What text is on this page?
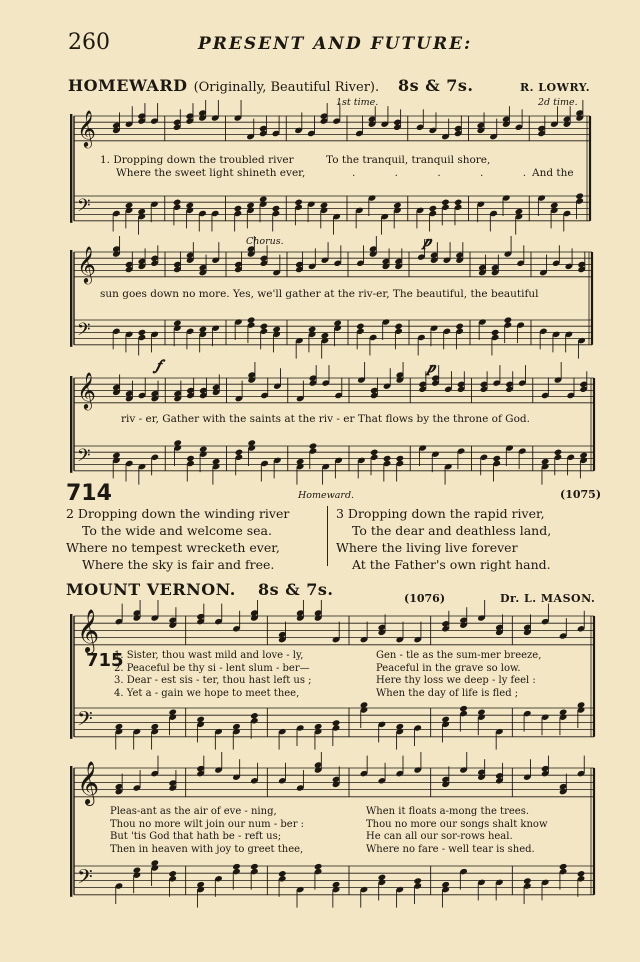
260	PRESENT AND FUTURE:
HOMEWARD (Originally, Beautiful River). 8s & 7s.	R. LOWRY.
1st time.	2d time.
𝄞
𝄢
𝄞
𝄢
𝄞
𝄢
𝄞
𝄢
𝄞
𝄢
1. Dropping down the troubled river	To the tranquil, tranquil shore,
Where the sweet light shineth ever,	. . . . .
And the
Chorus.
sun goes down no more. Yes, we'll gather at the riv-er, The beautiful, the beautiful
riv - er, Gather with the saints at the riv - er That flows by the throne of God.
𝆏
𝆑	𝆏
714	Homeward.	(1075)
2 Dropping down the winding river
To the wide and welcome sea.
Where no tempest wrecketh ever,
Where the sky is fair and free.
3 Dropping down the rapid river,
To the dear and deathless land,
Where the living live forever
At the Father's own right hand.
MOUNT VERNON. 8s & 7s.	(1076)	Dr. L. MASON.
715
1. Sister, thou wast mild and love - ly,
2. Peaceful be thy si - lent slum - ber—
3. Dear - est sis - ter, thou hast left us ;
4. Yet a - gain we hope to meet thee,
Gen - tle as the sum-mer breeze,
Peaceful in the grave so low.
Here thy loss we deep - ly feel :
When the day of life is fled ;
Pleas-ant as the air of eve - ning,
Thou no more wilt join our num - ber :
But 'tis God that hath be - reft us;
Then in heaven with joy to greet thee,
When it floats a-mong the trees.
Thou no more our songs shalt know
He can all our sor-rows heal.
Where no fare - well tear is shed.
